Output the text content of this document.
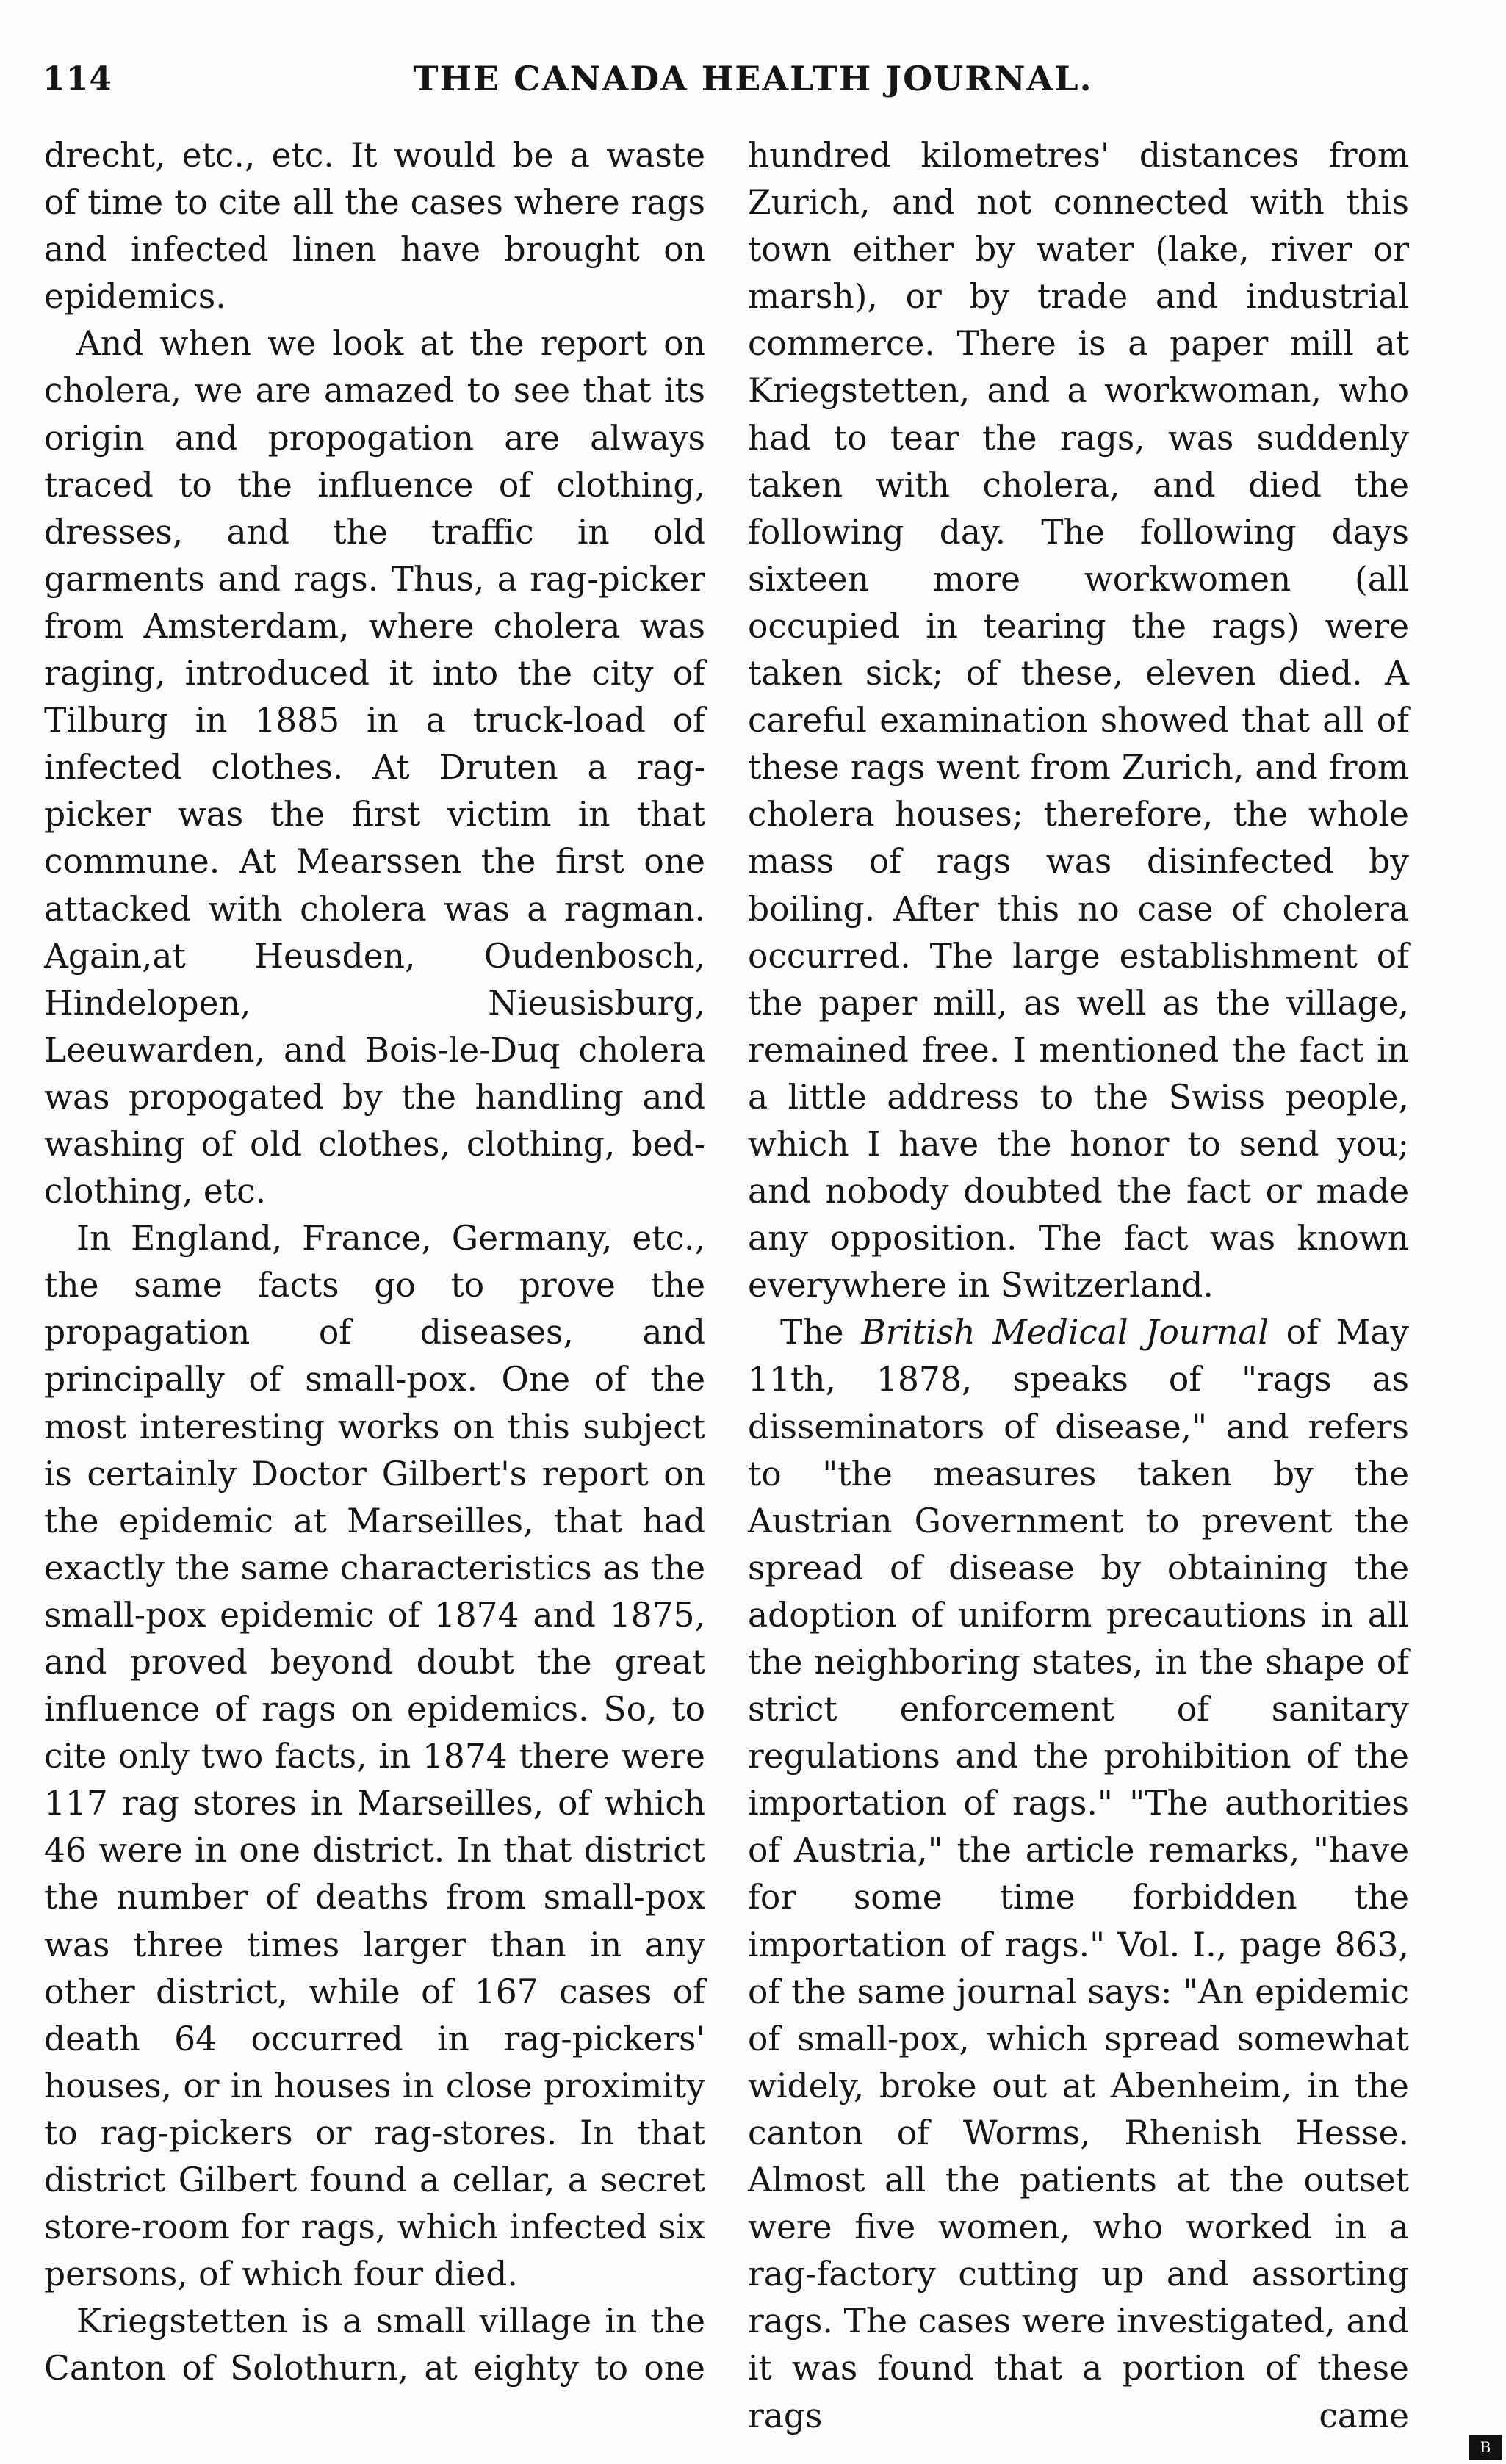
114	THE CANADA HEALTH JOURNAL.

drecht, etc., etc. It would be a waste of time to cite all the cases where rags and infected linen have brought on epidemics.

And when we look at the report on cholera, we are amazed to see that its origin and propogation are always traced to the influence of clothing, dresses, and the traffic in old garments and rags. Thus, a rag-picker from Amsterdam, where cholera was raging, introduced it into the city of Tilburg in 1885 in a truck-load of infected clothes. At Druten a rag-picker was the first victim in that commune. At Mearssen the first one attacked with cholera was a ragman. Again,at Heusden, Oudenbosch, Hindelopen, Nieusisburg, Leeuwarden, and Bois-le-Duq cholera was propogated by the handling and washing of old clothes, clothing, bed-clothing, etc.

In England, France, Germany, etc., the same facts go to prove the propagation of diseases, and principally of small-pox. One of the most interesting works on this subject is certainly Doctor Gilbert's report on the epidemic at Marseilles, that had exactly the same characteristics as the small-pox epidemic of 1874 and 1875, and proved beyond doubt the great influence of rags on epidemics. So, to cite only two facts, in 1874 there were 117 rag stores in Marseilles, of which 46 were in one district. In that district the number of deaths from small-pox was three times larger than in any other district, while of 167 cases of death 64 occurred in rag-pickers' houses, or in houses in close proximity to rag-pickers or rag-stores. In that district Gilbert found a cellar, a secret store-room for rags, which infected six persons, of which four died.

Kriegstetten is a small village in the Canton of Solothurn, at eighty to one

hundred kilometres' distances from Zurich, and not connected with this town either by water (lake, river or marsh), or by trade and industrial commerce. There is a paper mill at Kriegstetten, and a workwoman, who had to tear the rags, was suddenly taken with cholera, and died the following day. The following days sixteen more workwomen (all occupied in tearing the rags) were taken sick; of these, eleven died. A careful examination showed that all of these rags went from Zurich, and from cholera houses; therefore, the whole mass of rags was disinfected by boiling. After this no case of cholera occurred. The large establishment of the paper mill, as well as the village, remained free. I mentioned the fact in a little address to the Swiss people, which I have the honor to send you; and nobody doubted the fact or made any opposition. The fact was known everywhere in Switzerland.

The British Medical Journal of May 11th, 1878, speaks of "rags as disseminators of disease," and refers to "the measures taken by the Austrian Government to prevent the spread of disease by obtaining the adoption of uniform precautions in all the neighboring states, in the shape of strict enforcement of sanitary regulations and the prohibition of the importation of rags." "The authorities of Austria," the article remarks, "have for some time forbidden the importation of rags." Vol. I., page 863, of the same journal says: "An epidemic of small-pox, which spread somewhat widely, broke out at Abenheim, in the canton of Worms, Rhenish Hesse. Almost all the patients at the outset were five women, who worked in a rag-factory cutting up and assorting rags. The cases were investigated, and it was found that a portion of these rags came

B
